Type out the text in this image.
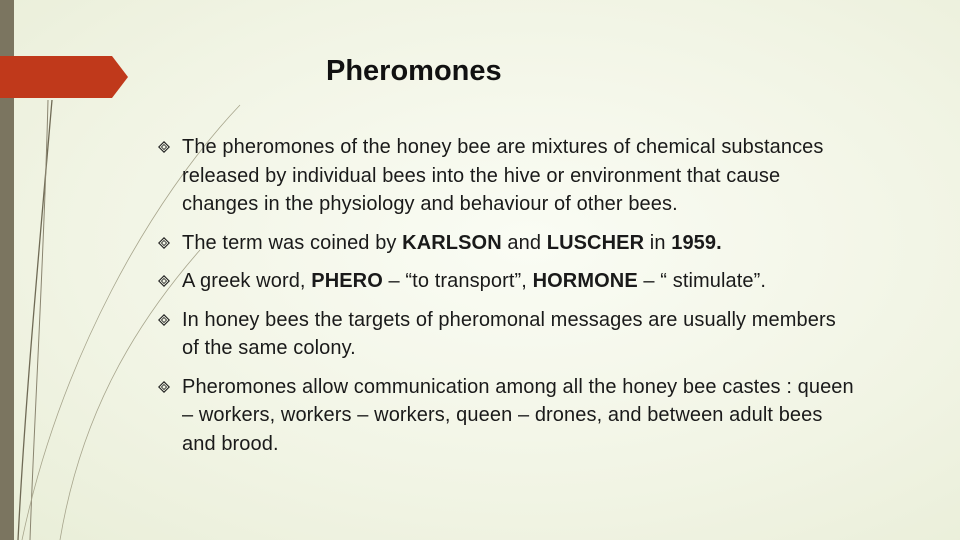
Pheromones
The pheromones of the honey bee are mixtures of chemical substances released by individual bees into the hive or environment that cause changes in the physiology and behaviour of other bees.
The term was coined by KARLSON and LUSCHER in 1959.
A greek word, PHERO – “to transport”, HORMONE – “ stimulate”.
In honey bees the targets of pheromonal messages are usually members of the same colony.
Pheromones allow communication among all the honey bee castes : queen – workers, workers – workers, queen – drones, and between adult bees and brood.
